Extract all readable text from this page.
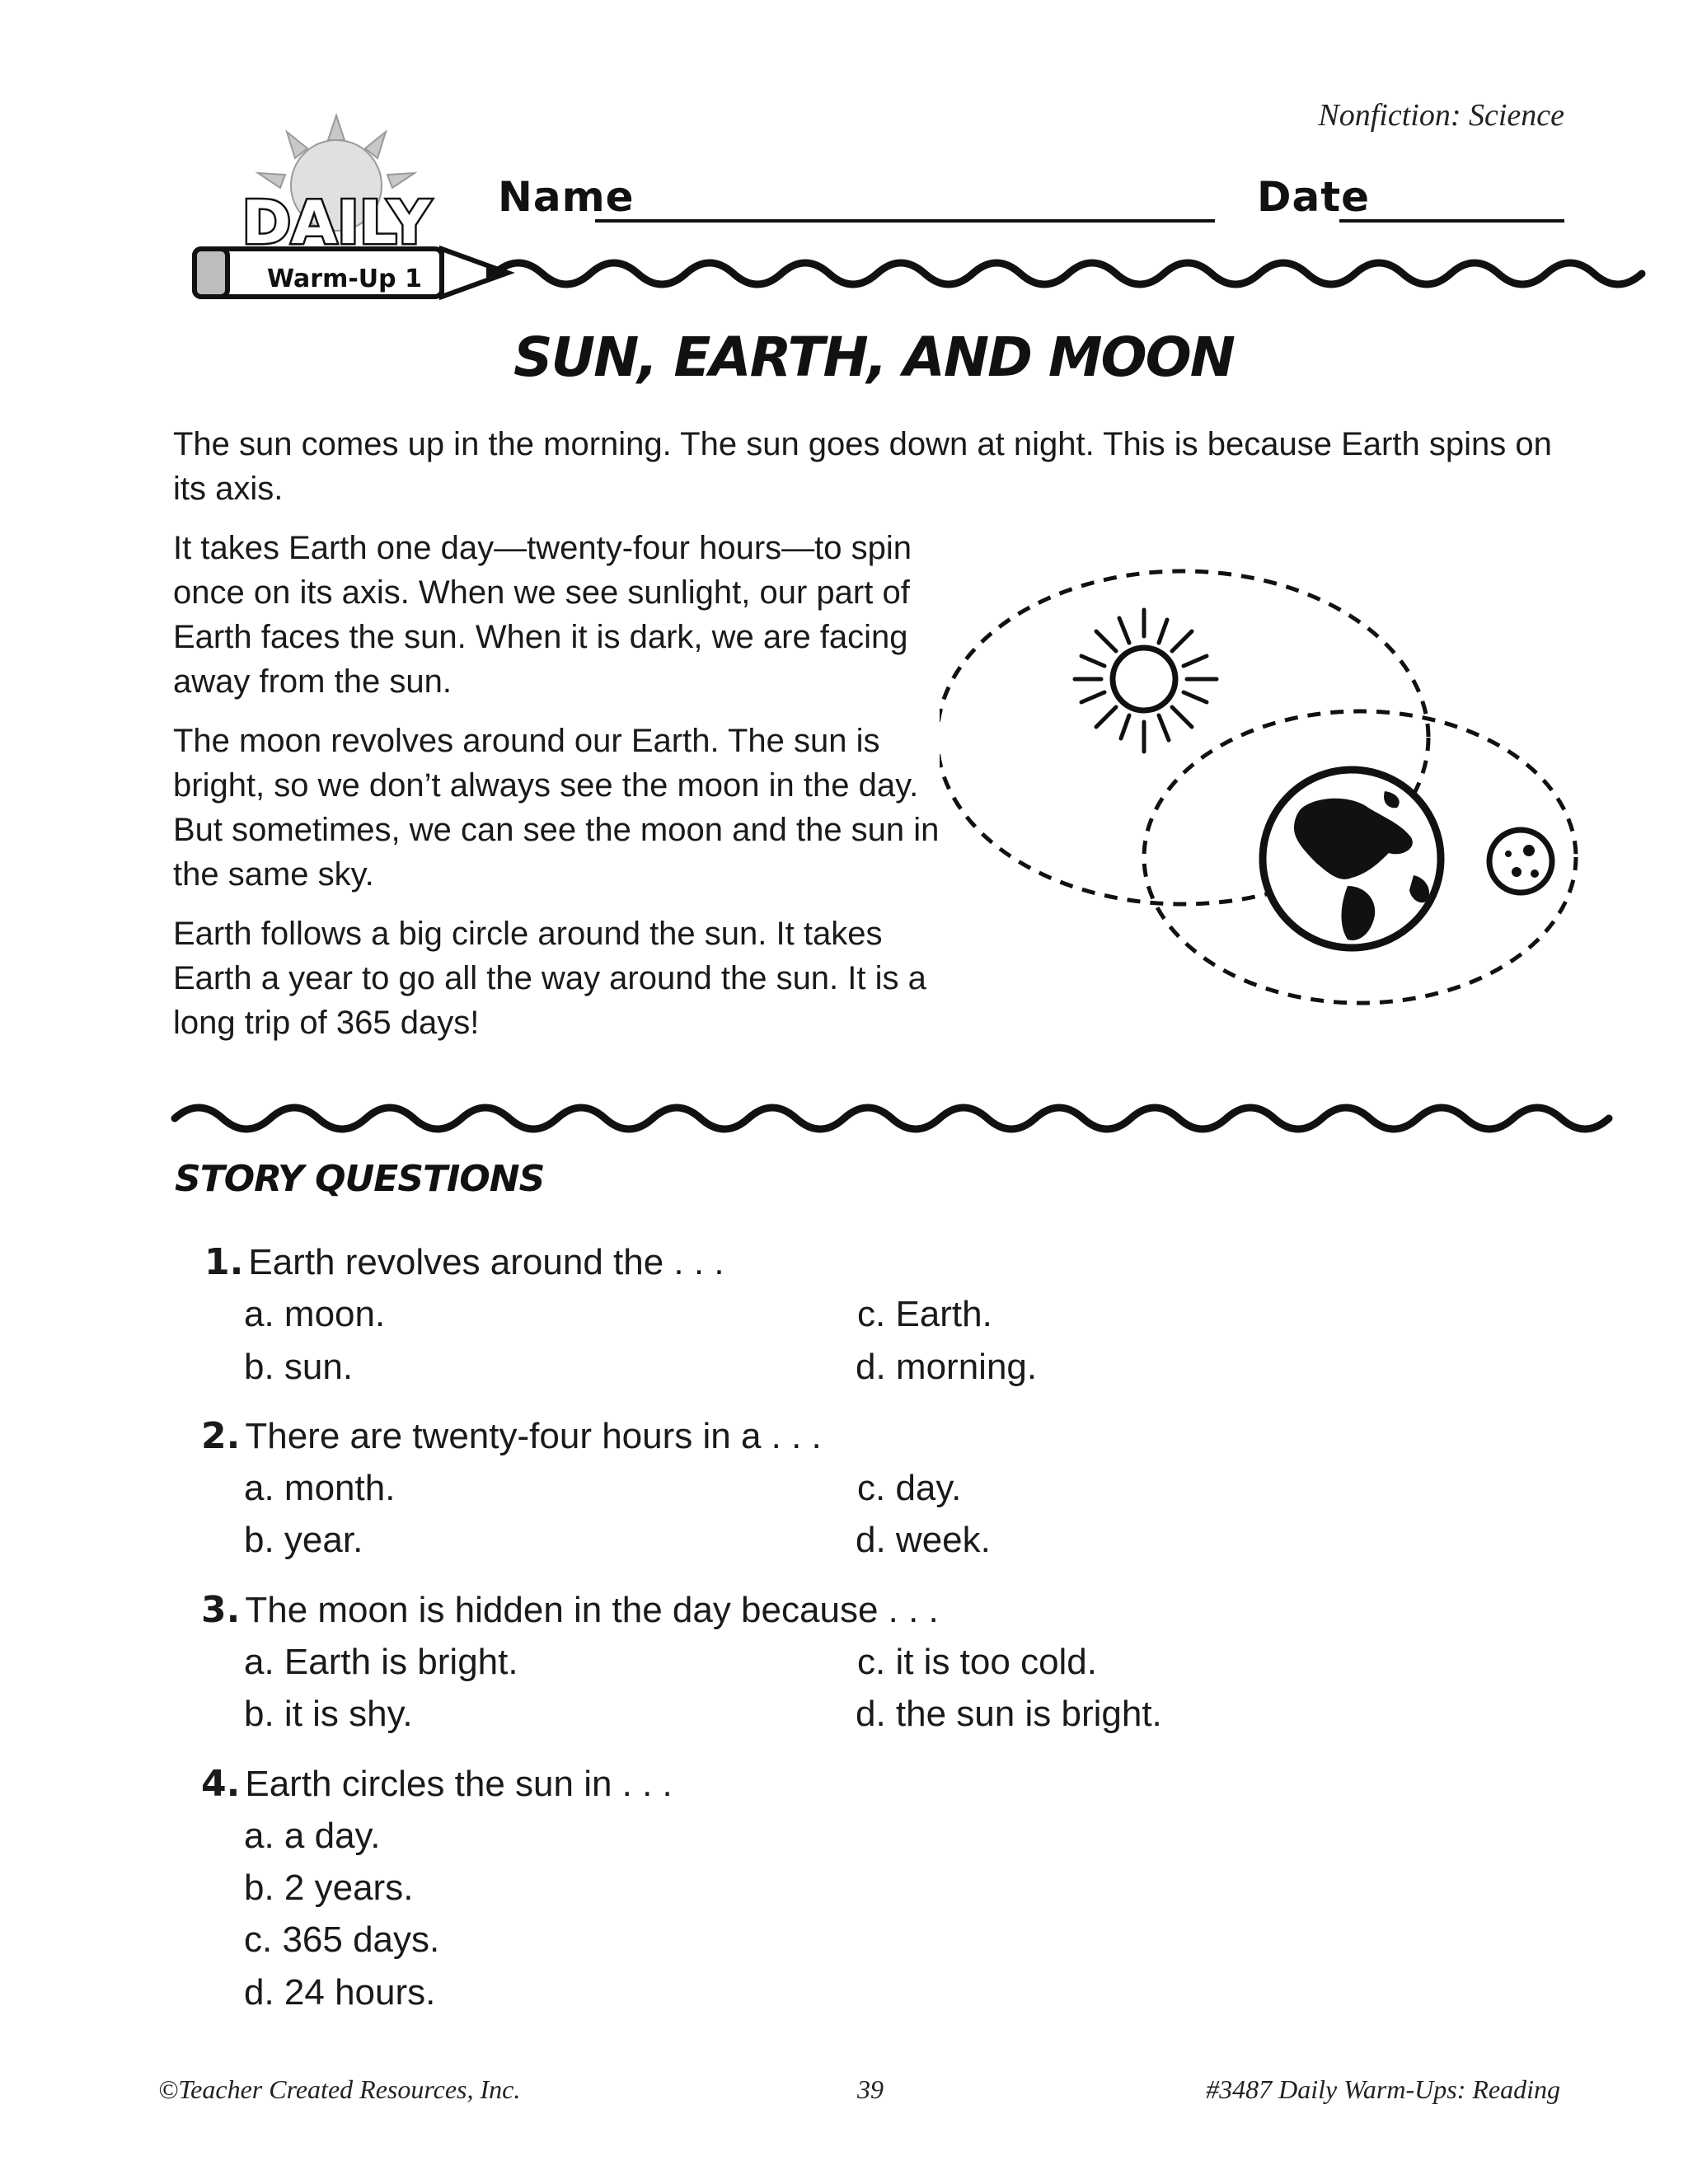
Nonfiction: Science
Warm-Up 1
DAILY Name	Date
SUN, EARTH, AND MOON

The sun comes up in the morning. The sun goes down at night. This is because Earth spins on its axis.

It takes Earth one day—twenty-four hours—to spin once on its axis. When we see sunlight, our part of Earth faces the sun. When it is dark, we are facing away from the sun.

The moon revolves around our Earth. The sun is bright, so we don’t always see the moon in the day. But sometimes, we can see the moon and the sun in the same sky.

Earth follows a big circle around the sun. It takes Earth a year to go all the way around the sun. It is a long trip of 365 days!

STORY QUESTIONS
1. Earth revolves around the . . .
a. moon.
b. sun.
c. Earth.
d. morning.
2. There are twenty-four hours in a . . .
a. month.
b. year.
c. day.
d. week.
3. The moon is hidden in the day because . . .
a. Earth is bright.
b. it is shy.
c. it is too cold.
d. the sun is bright.
4. Earth circles the sun in . . .
a. a day.
b. 2 years.
c. 365 days.
d. 24 hours.
©Teacher Created Resources, Inc.	39	#3487 Daily Warm-Ups: Reading
